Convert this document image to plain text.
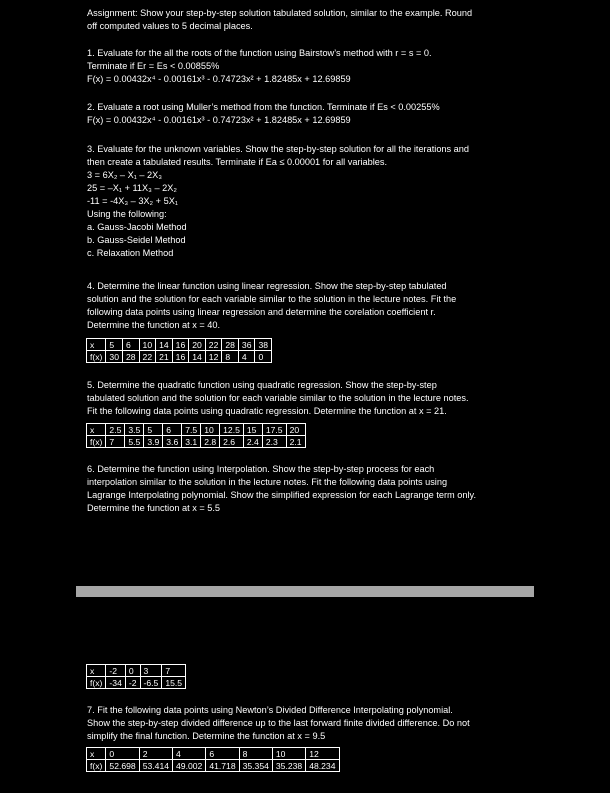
Assignment: Show your step-by-step solution tabulated solution, similar to the example. Round
off computed values to 5 decimal places.
1. Evaluate for the all the roots of the function using Bairstow’s method with r = s = 0.
Terminate if Er = Es < 0.00855%
F(x) = 0.00432x⁴ - 0.00161x³ - 0.74723x² + 1.82485x + 12.69859
2. Evaluate a root using Muller’s method from the function. Terminate if Es < 0.00255%
F(x) = 0.00432x⁴ - 0.00161x³ - 0.74723x² + 1.82485x + 12.69859
3. Evaluate for the unknown variables. Show the step-by-step solution for all the iterations and
then create a tabulated results. Terminate if Ea ≤ 0.00001 for all variables.
3 = 6X₂ – X₁ – 2X₃
25 = –X₁ + 11X₃ – 2X₂
-11 = -4X₃ – 3X₂ + 5X₁
Using the following:
a. Gauss-Jacobi Method
b. Gauss-Seidel Method
c. Relaxation Method
4. Determine the linear function using linear regression. Show the step-by-step tabulated
solution and the solution for each variable similar to the solution in the lecture notes. Fit the
following data points using linear regression and determine the corelation coefficient r.
Determine the function at x = 40.
x	5	6	10	14	16	20	22	28	36	38
f(x)	30	28	22	21	16	14	12	8	4	0
5. Determine the quadratic function using quadratic regression. Show the step-by-step
tabulated solution and the solution for each variable similar to the solution in the lecture notes.
Fit the following data points using quadratic regression. Determine the function at x = 21.
x	2.5	3.5	5	6	7.5	10	12.5	15	17.5	20
f(x)	7	5.5	3.9	3.6	3.1	2.8	2.6	2.4	2.3	2.1
6. Determine the function using Interpolation. Show the step-by-step process for each
interpolation similar to the solution in the lecture notes. Fit the following data points using
Lagrange Interpolating polynomial. Show the simplified expression for each Lagrange term only.
Determine the function at x = 5.5
x	-2	0	3	7
f(x)	-34	-2	-6.5	15.5
7. Fit the following data points using Newton’s Divided Difference Interpolating polynomial.
Show the step-by-step divided difference up to the last forward finite divided difference. Do not
simplify the final function. Determine the function at x = 9.5
x	0	2	4	6	8	10	12
f(x)	52.698	53.414	49.002	41.718	35.354	35.238	48.234
